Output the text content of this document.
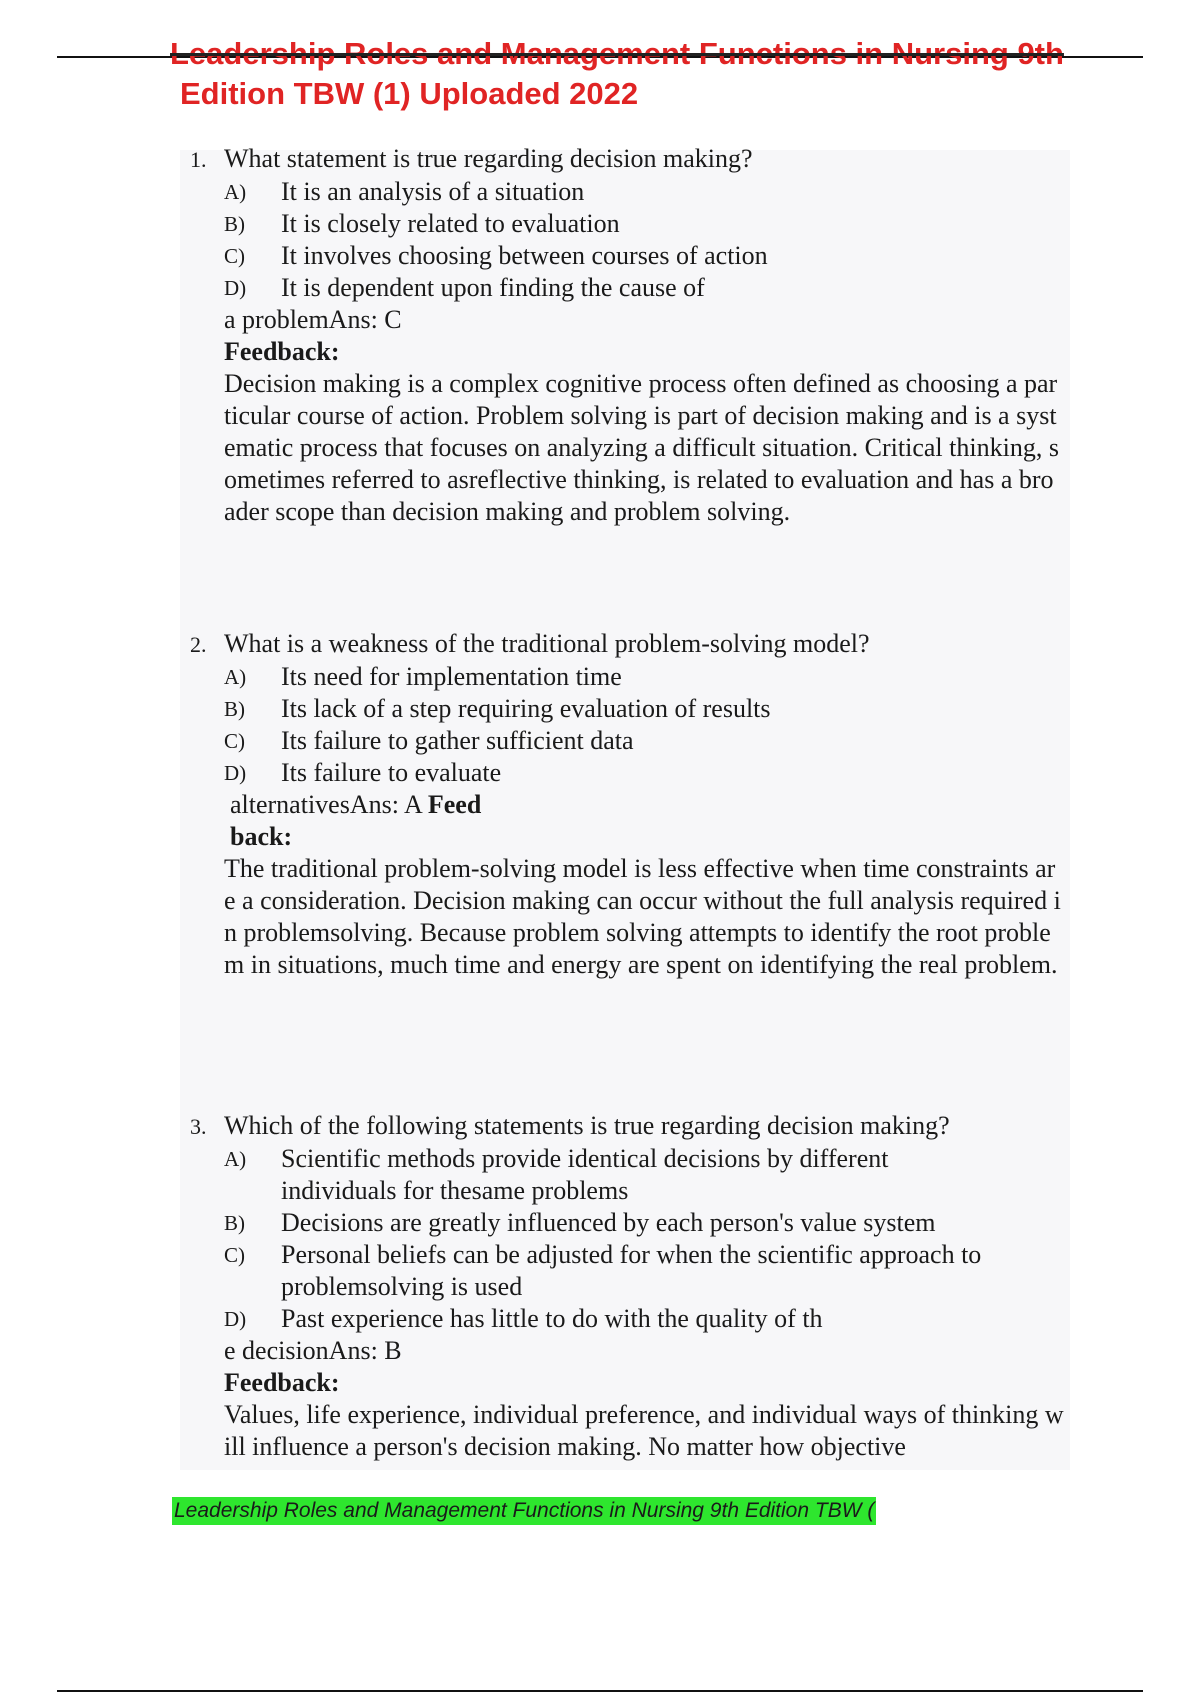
Leadership Roles and Management Functions in Nursing 9th
Edition TBW (1) Uploaded 2022
1. What statement is true regarding decision making?
A)	It is an analysis of a situation
B)	It is closely related to evaluation
C)	It involves choosing between courses of action
D)	It is dependent upon finding the cause of
a problemAns: C
Feedback:
Decision making is a complex cognitive process often defined as choosing a particular course of action. Problem solving is part of decision making and is a systematic process that focuses on analyzing a difficult situation. Critical thinking, sometimes referred to asreflective thinking, is related to evaluation and has a broader scope than decision making and problem solving.
2. What is a weakness of the traditional problem-solving model?
A)	Its need for implementation time
B)	Its lack of a step requiring evaluation of results
C)	Its failure to gather sufficient data
D)	Its failure to evaluate
alternativesAns: A Feed
back:
The traditional problem-solving model is less effective when time constraints are a consideration. Decision making can occur without the full analysis required in problemsolving. Because problem solving attempts to identify the root problem in situations, much time and energy are spent on identifying the real problem.
3. Which of the following statements is true regarding decision making?
A)	Scientific methods provide identical decisions by different individuals for thesame problems
B)	Decisions are greatly influenced by each person's value system
C)	Personal beliefs can be adjusted for when the scientific approach to problemsolving is used
D)	Past experience has little to do with the quality of th
e decisionAns: B
Feedback:
Values, life experience, individual preference, and individual ways of thinking will influence a person's decision making. No matter how objective
Leadership Roles and Management Functions in Nursing 9th Edition TBW (
